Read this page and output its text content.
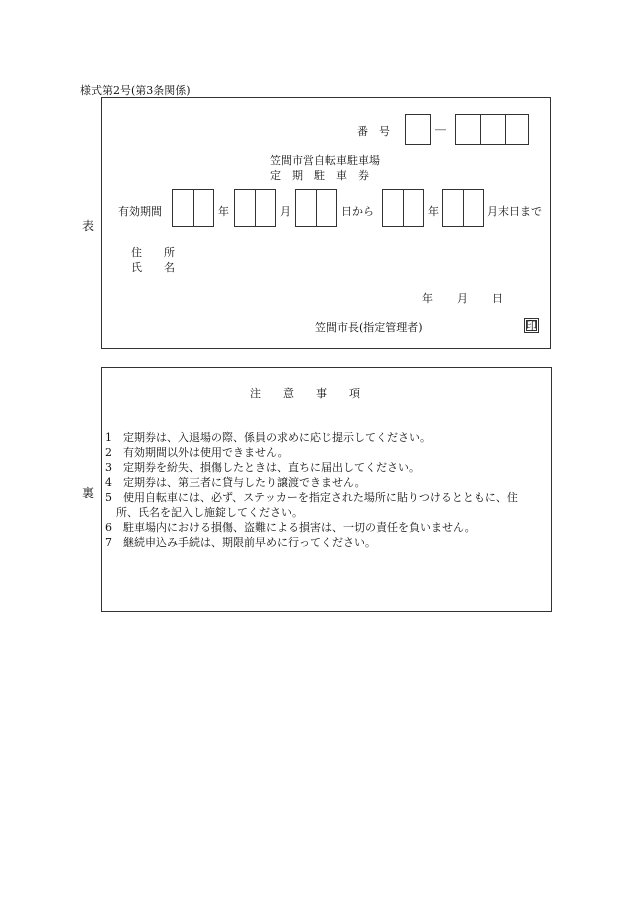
様式第2号(第3条関係)
表
番　号	―
笠間市営自転車駐車場
定　期　駐　車　券
有効期間	年	月	日から	年	月末日まで
住　　所
氏　　名
年 月 日
笠間市長(指定管理者)	印
裏
注　　意　　事　　項
1　定期券は、入退場の際、係員の求めに応じ提示してください。
2　有効期間以外は使用できません。
3　定期券を紛失、損傷したときは、直ちに届出してください。
4　定期券は、第三者に貸与したり譲渡できません。
5　使用自転車には、必ず、ステッカーを指定された場所に貼りつけるとともに、住
　所、氏名を記入し施錠してください。
6　駐車場内における損傷、盗難による損害は、一切の責任を負いません。
7　継続申込み手続は、期限前早めに行ってください。
